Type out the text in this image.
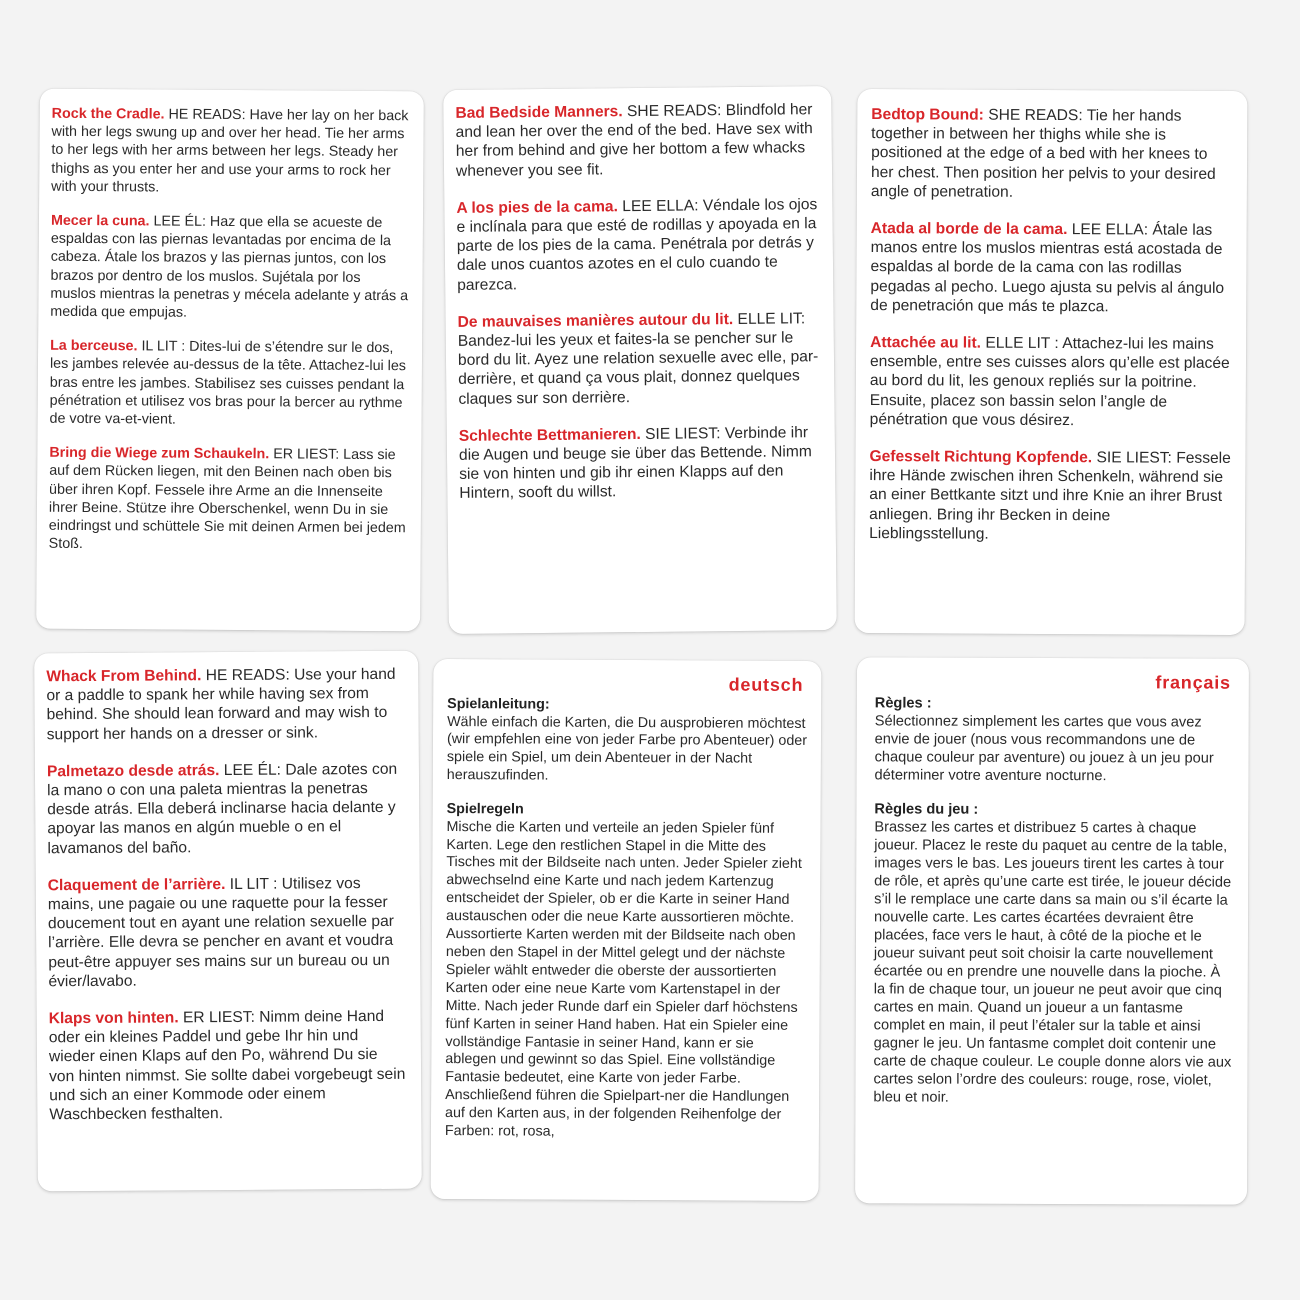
Rock the Cradle. HE READS: Have her lay on her back with her legs swung up and over her head. Tie her arms to her legs with her arms between her legs. Steady her thighs as you enter her and use your arms to rock her with your thrusts.

Mecer la cuna. LEE ÉL: Haz que ella se acueste de espaldas con las piernas levantadas por encima de la cabeza. Átale los brazos y las piernas juntos, con los brazos por dentro de los muslos. Sujétala por los muslos mientras la penetras y mécela adelante y atrás a medida que empujas.

La berceuse. IL LIT : Dites-lui de s’étendre sur le dos, les jambes relevée au-dessus de la tête. Attachez-lui les bras entre les jambes. Stabilisez ses cuisses pendant la pénétration et utilisez vos bras pour la bercer au rythme de votre va-et-vient.

Bring die Wiege zum Schaukeln. ER LIEST: Lass sie auf dem Rücken liegen, mit den Beinen nach oben bis über ihren Kopf. Fessele ihre Arme an die Innenseite ihrer Beine. Stütze ihre Oberschenkel, wenn Du in sie eindringst und schüttele Sie mit deinen Armen bei jedem Stoß.

Bad Bedside Manners. SHE READS: Blindfold her and lean her over the end of the bed. Have sex with her from behind and give her bottom a few whacks whenever you see fit.

A los pies de la cama. LEE ELLA: Véndale los ojos e inclínala para que esté de rodillas y apoyada en la parte de los pies de la cama. Penétrala por detrás y dale unos cuantos azotes en el culo cuando te parezca.

De mauvaises manières autour du lit. ELLE LIT: Bandez-lui les yeux et faites-la se pencher sur le bord du lit. Ayez une relation sexuelle avec elle, par-derrière, et quand ça vous plait, donnez quelques claques sur son derrière.

Schlechte Bettmanieren. SIE LIEST: Verbinde ihr die Augen und beuge sie über das Bettende. Nimm sie von hinten und gib ihr einen Klapps auf den Hintern, sooft du willst.

Bedtop Bound: SHE READS: Tie her hands together in between her thighs while she is positioned at the edge of a bed with her knees to her chest. Then position her pelvis to your desired angle of penetration.

Atada al borde de la cama. LEE ELLA: Átale las manos entre los muslos mientras está acostada de espaldas al borde de la cama con las rodillas pegadas al pecho. Luego ajusta su pelvis al ángulo de penetración que más te plazca.

Attachée au lit. ELLE LIT : Attachez-lui les mains ensemble, entre ses cuisses alors qu’elle est placée au bord du lit, les genoux repliés sur la poitrine. Ensuite, placez son bassin selon l’angle de pénétration que vous désirez.

Gefesselt Richtung Kopfende. SIE LIEST: Fessele ihre Hände zwischen ihren Schenkeln, während sie an einer Bettkante sitzt und ihre Knie an ihrer Brust anliegen. Bring ihr Becken in deine Lieblingsstellung.

Whack From Behind. HE READS: Use your hand or a paddle to spank her while having sex from behind. She should lean forward and may wish to support her hands on a dresser or sink.

Palmetazo desde atrás. LEE ÉL: Dale azotes con la mano o con una paleta mientras la penetras desde atrás. Ella deberá inclinarse hacia delante y apoyar las manos en algún mueble o en el lavamanos del baño.

Claquement de l’arrière. IL LIT : Utilisez vos mains, une pagaie ou une raquette pour la fesser doucement tout en ayant une relation sexuelle par l’arrière. Elle devra se pencher en avant et voudra peut-être appuyer ses mains sur un bureau ou un évier/lavabo.

Klaps von hinten. ER LIEST: Nimm deine Hand oder ein kleines Paddel und gebe Ihr hin und wieder einen Klaps auf den Po, während Du sie von hinten nimmst. Sie sollte dabei vorgebeugt sein und sich an einer Kommode oder einem Waschbecken festhalten.

deutsch
Spielanleitung:

Wähle einfach die Karten, die Du ausprobieren möchtest (wir empfehlen eine von jeder Farbe pro Abenteuer) oder spiele ein Spiel, um dein Abenteuer in der Nacht herauszufinden.

Spielregeln

Mische die Karten und verteile an jeden Spieler fünf Karten. Lege den restlichen Stapel in die Mitte des Tisches mit der Bildseite nach unten. Jeder Spieler zieht abwechselnd eine Karte und nach jedem Kartenzug entscheidet der Spieler, ob er die Karte in seiner Hand austauschen oder die neue Karte aussortieren möchte. Aussortierte Karten werden mit der Bildseite nach oben neben den Stapel in der Mittel gelegt und der nächste Spieler wählt entweder die oberste der aussortierten Karten oder eine neue Karte vom Kartenstapel in der Mitte. Nach jeder Runde darf ein Spieler darf höchstens fünf Karten in seiner Hand haben. Hat ein Spieler eine vollständige Fantasie in seiner Hand, kann er sie ablegen und gewinnt so das Spiel. Eine vollständige Fantasie bedeutet, eine Karte von jeder Farbe. Anschließend führen die Spielpart-ner die Handlungen auf den Karten aus, in der folgenden Reihenfolge der Farben: rot, rosa,

français
Règles :

Sélectionnez simplement les cartes que vous avez envie de jouer (nous vous recommandons une de chaque couleur par aventure) ou jouez à un jeu pour déterminer votre aventure nocturne.

Règles du jeu :

Brassez les cartes et distribuez 5 cartes à chaque joueur. Placez le reste du paquet au centre de la table, images vers le bas. Les joueurs tirent les cartes à tour de rôle, et après qu’une carte est tirée, le joueur décide s’il le remplace une carte dans sa main ou s’il écarte la nouvelle carte. Les cartes écartées devraient être placées, face vers le haut, à côté de la pioche et le joueur suivant peut soit choisir la carte nouvellement écartée ou en prendre une nouvelle dans la pioche. À la fin de chaque tour, un joueur ne peut avoir que cinq cartes en main. Quand un joueur a un fantasme complet en main, il peut l’étaler sur la table et ainsi gagner le jeu. Un fantasme complet doit contenir une carte de chaque couleur. Le couple donne alors vie aux cartes selon l’ordre des couleurs: rouge, rose, violet, bleu et noir.
